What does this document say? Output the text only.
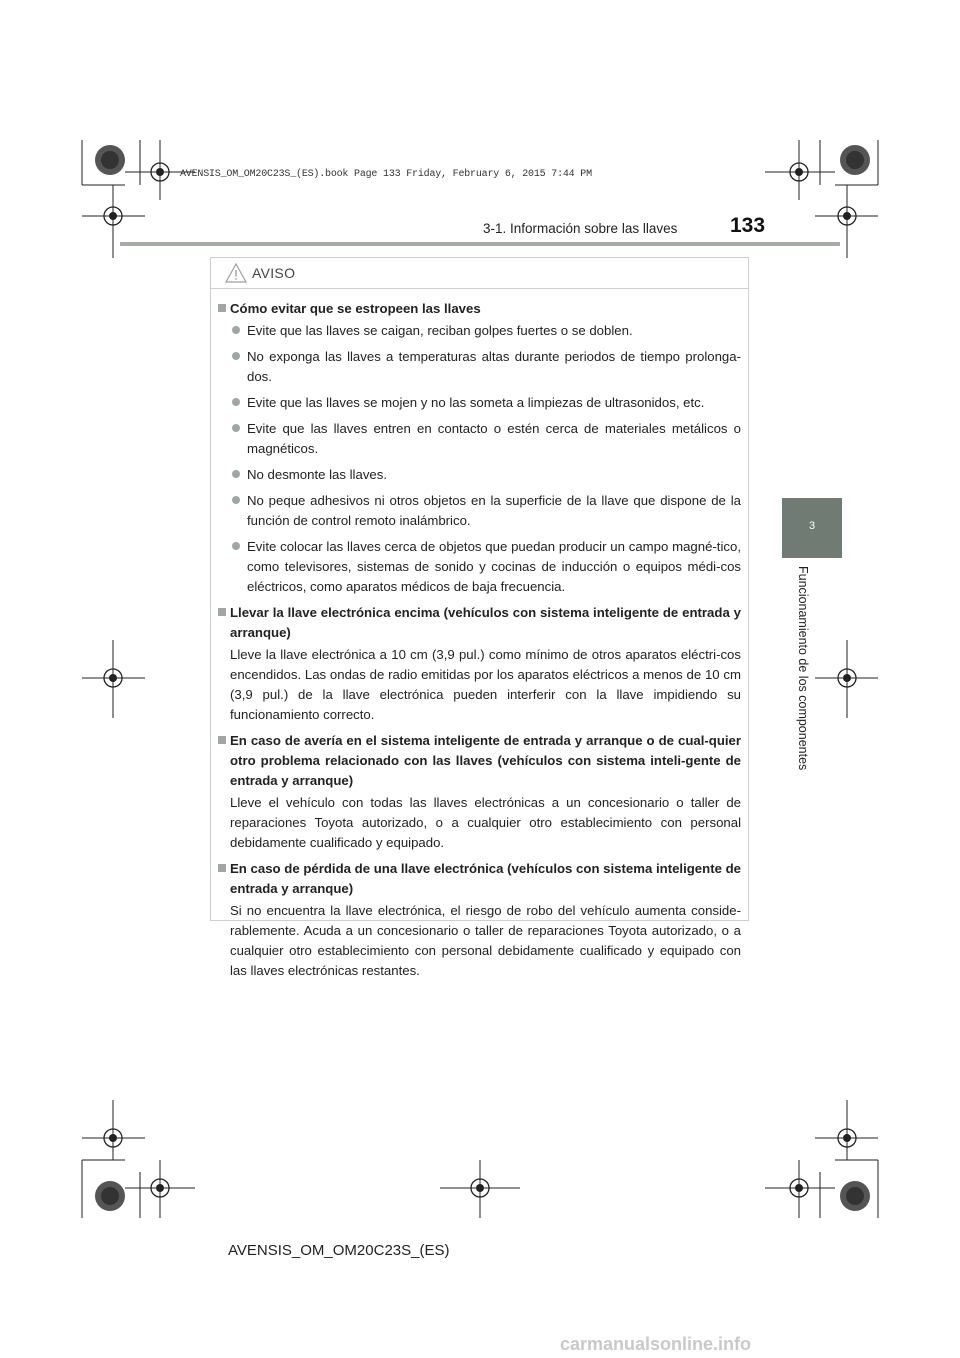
AVENSIS_OM_OM20C23S_(ES).book Page 133 Friday, February 6, 2015 7:44 PM
3-1. Información sobre las llaves	133
3
Funcionamiento de los componentes
AVISO
Cómo evitar que se estropeen las llaves
Evite que las llaves se caigan, reciban golpes fuertes o se doblen.
No exponga las llaves a temperaturas altas durante periodos de tiempo prolonga-dos.
Evite que las llaves se mojen y no las someta a limpiezas de ultrasonidos, etc.
Evite que las llaves entren en contacto o estén cerca de materiales metálicos o magnéticos.
No desmonte las llaves.
No peque adhesivos ni otros objetos en la superficie de la llave que dispone de la función de control remoto inalámbrico.
Evite colocar las llaves cerca de objetos que puedan producir un campo magné-tico, como televisores, sistemas de sonido y cocinas de inducción o equipos médi-cos eléctricos, como aparatos médicos de baja frecuencia.
Llevar la llave electrónica encima (vehículos con sistema inteligente de entrada y arranque)
Lleve la llave electrónica a 10 cm (3,9 pul.) como mínimo de otros aparatos eléctri-cos encendidos. Las ondas de radio emitidas por los aparatos eléctricos a menos de 10 cm (3,9 pul.) de la llave electrónica pueden interferir con la llave impidiendo su funcionamiento correcto.
En caso de avería en el sistema inteligente de entrada y arranque o de cual-quier otro problema relacionado con las llaves (vehículos con sistema inteli-gente de entrada y arranque)
Lleve el vehículo con todas las llaves electrónicas a un concesionario o taller de reparaciones Toyota autorizado, o a cualquier otro establecimiento con personal debidamente cualificado y equipado.
En caso de pérdida de una llave electrónica (vehículos con sistema inteligente de entrada y arranque)
Si no encuentra la llave electrónica, el riesgo de robo del vehículo aumenta conside-rablemente. Acuda a un concesionario o taller de reparaciones Toyota autorizado, o a cualquier otro establecimiento con personal debidamente cualificado y equipado con las llaves electrónicas restantes.
AVENSIS_OM_OM20C23S_(ES)
carmanualsonline.info
